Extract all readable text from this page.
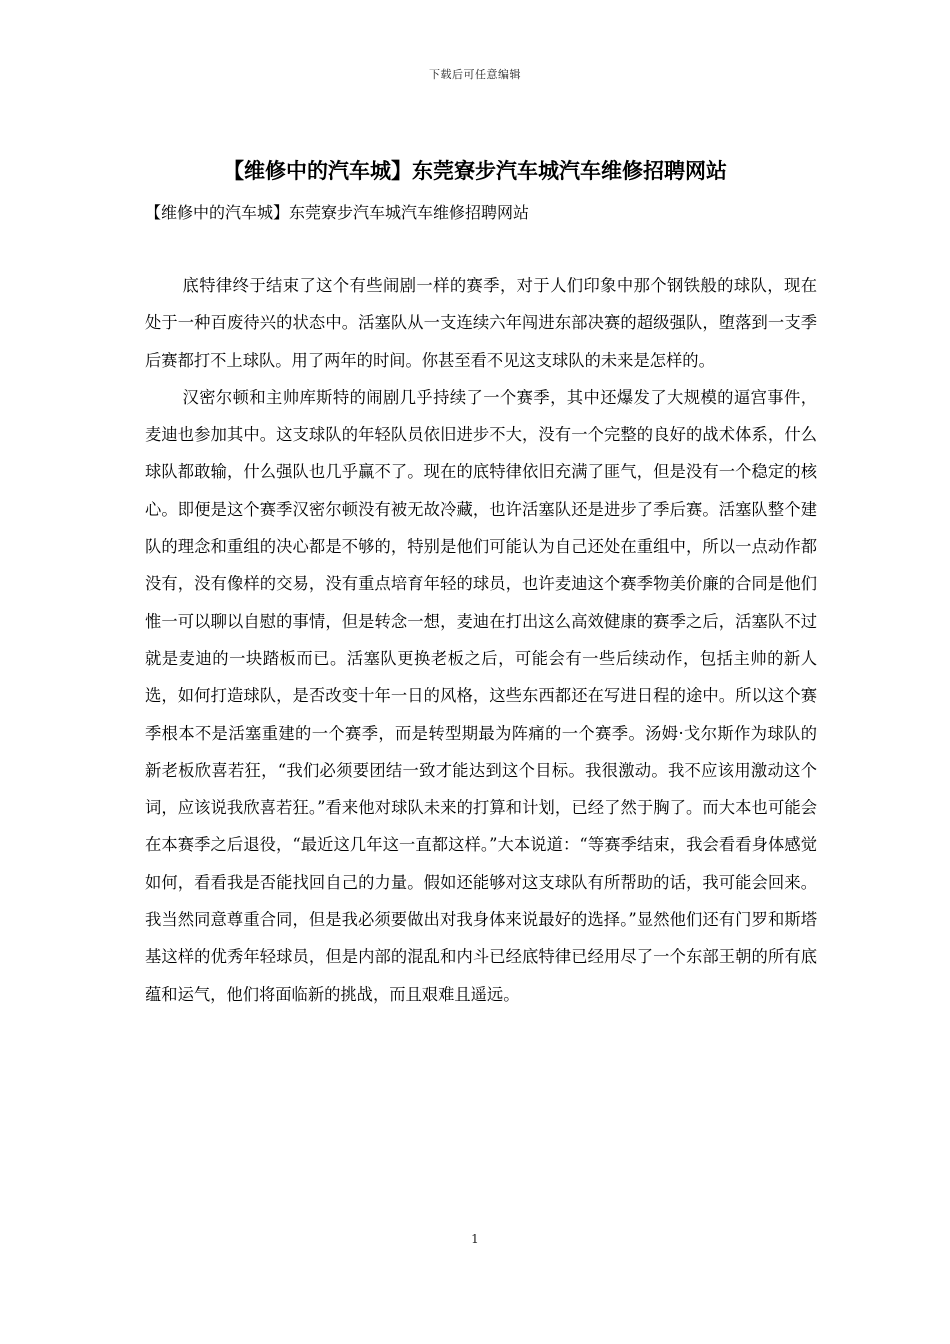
下载后可任意编辑
【维修中的汽车城】东莞寮步汽车城汽车维修招聘网站

【维修中的汽车城】东莞寮步汽车城汽车维修招聘网站

底特律终于结束了这个有些闹剧一样的赛季，对于人们印象中那个钢铁般的球队，现在处于一种百废待兴的状态中。活塞队从一支连续六年闯进东部决赛的超级强队，堕落到一支季后赛都打不上球队。用了两年的时间。你甚至看不见这支球队的未来是怎样的。

汉密尔顿和主帅库斯特的闹剧几乎持续了一个赛季，其中还爆发了大规模的逼宫事件，麦迪也参加其中。这支球队的年轻队员依旧进步不大，没有一个完整的良好的战术体系，什么球队都敢输，什么强队也几乎赢不了。现在的底特律依旧充满了匪气，但是没有一个稳定的核心。即便是这个赛季汉密尔顿没有被无故冷藏，也许活塞队还是进步了季后赛。活塞队整个建队的理念和重组的决心都是不够的，特别是他们可能认为自己还处在重组中，所以一点动作都没有，没有像样的交易，没有重点培育年轻的球员，也许麦迪这个赛季物美价廉的合同是他们惟一可以聊以自慰的事情，但是转念一想，麦迪在打出这么高效健康的赛季之后，活塞队不过就是麦迪的一块踏板而已。活塞队更换老板之后，可能会有一些后续动作，包括主帅的新人选，如何打造球队，是否改变十年一日的风格，这些东西都还在写进日程的途中。所以这个赛季根本不是活塞重建的一个赛季，而是转型期最为阵痛的一个赛季。汤姆·戈尔斯作为球队的新老板欣喜若狂，“我们必须要团结一致才能达到这个目标。我很激动。我不应该用激动这个词，应该说我欣喜若狂。”看来他对球队未来的打算和计划，已经了然于胸了。而大本也可能会在本赛季之后退役，“最近这几年这一直都这样。”大本说道：“等赛季结束，我会看看身体感觉如何，看看我是否能找回自己的力量。假如还能够对这支球队有所帮助的话，我可能会回来。我当然同意尊重合同，但是我必须要做出对我身体来说最好的选择。”显然他们还有门罗和斯塔基这样的优秀年轻球员，但是内部的混乱和内斗已经底特律已经用尽了一个东部王朝的所有底蕴和运气，他们将面临新的挑战，而且艰难且遥远。

1
